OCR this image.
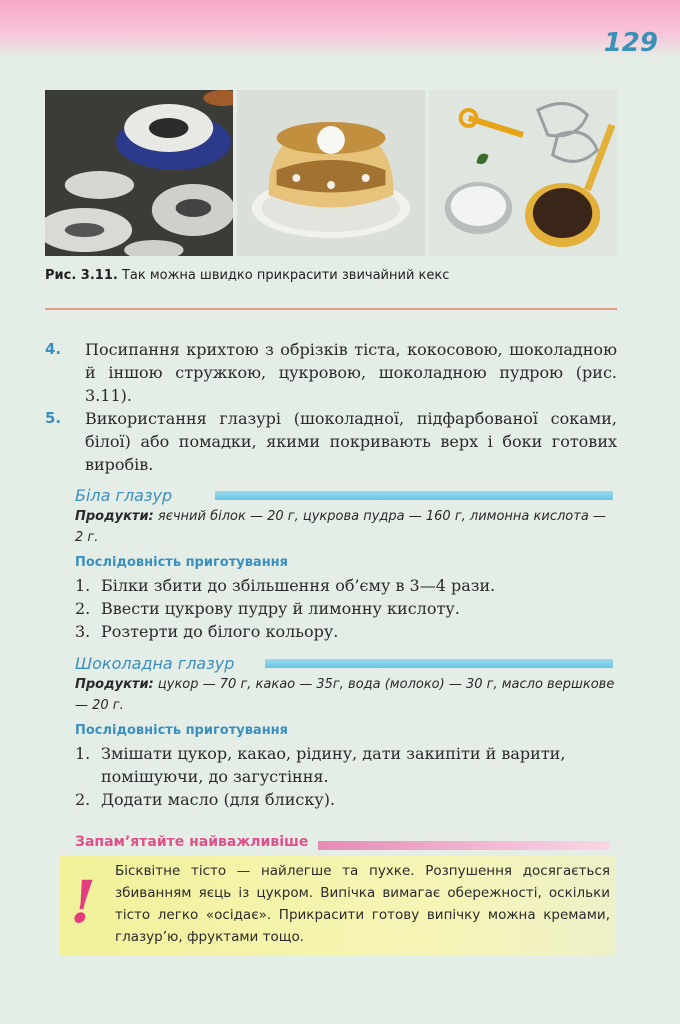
129
Рис. 3.11. Так можна швидко прикрасити звичайний кекс
4. Посипання крихтою з обрізків тіста, кокосовою, шоколадною й іншою стружкою, цукровою, шоколадною пудрою (рис. 3.11).
5. Використання глазурі (шоколадної, підфарбованої соками, білої) або помадки, якими покривають верх і боки готових виробів.
Біла глазур
Продукти: яєчний білок — 20 г, цукрова пудра — 160 г, лимонна кислота — 2 г.
Послідовність приготування
1. Білки збити до збільшення об’єму в 3—4 рази.
2. Ввести цукрову пудру й лимонну кислоту.
3. Розтерти до білого кольору.
Шоколадна глазур
Продукти: цукор — 70 г, какао — 35г, вода (молоко) — 30 г, масло вершкове — 20 г.
Послідовність приготування
1. Змішати цукор, какао, рідину, дати закипіти й варити, помішуючи, до загустіння.
2. Додати масло (для блиску).
Запам’ятайте найважливіше
! Бісквітне тісто — найлегше та пухке. Розпушення досягається збиванням яєць із цукром. Випічка вимагає обережності, оскільки тісто легко «осідає». Прикрасити готову випічку можна кремами, глазур’ю, фруктами тощо.
